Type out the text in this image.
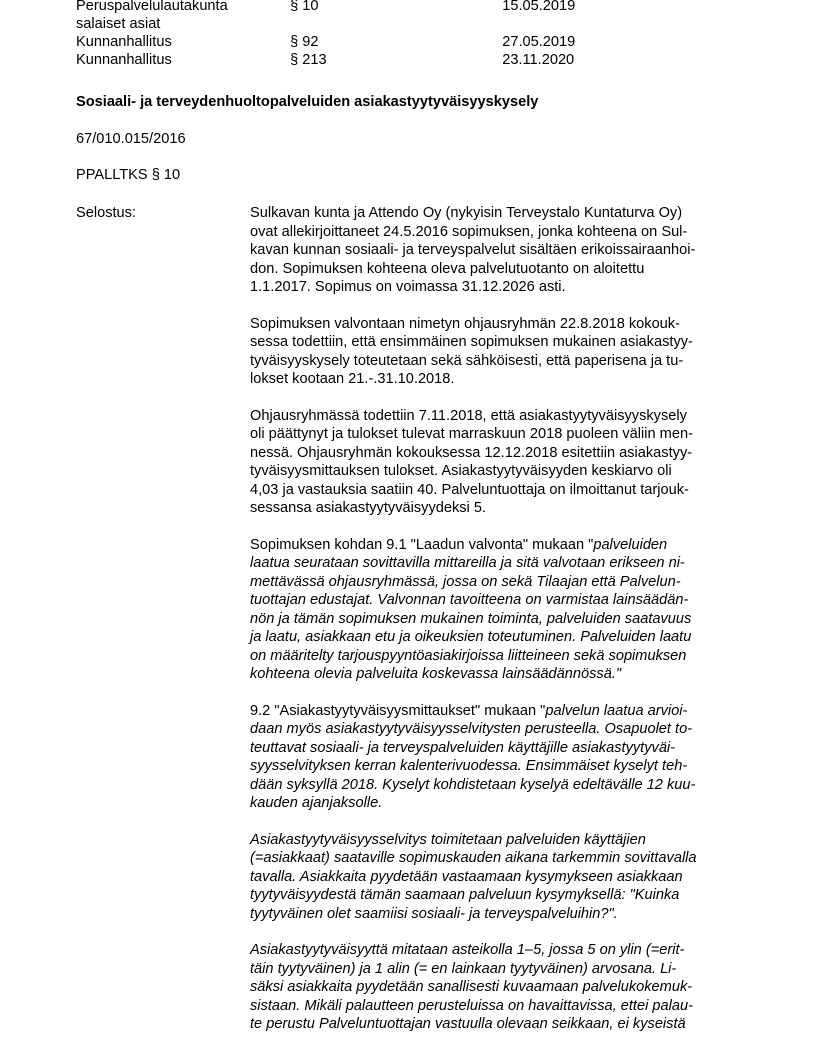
Peruspalvelulautakunta
salaiset asiat
§ 10	15.05.2019
Kunnanhallitus	§ 92	27.05.2019
Kunnanhallitus	§ 213	23.11.2020
Sosiaali- ja terveydenhuoltopalveluiden asiakastyytyväisyyskysely
67/010.015/2016
PPALLTKS § 10
Selostus:	Sulkavan kunta ja Attendo Oy (nykyisin Terveystalo Kuntaturva Oy)
ovat allekirjoittaneet 24.5.2016 sopimuksen, jonka kohteena on Sul-
kavan kunnan sosiaali- ja terveyspalvelut sisältäen erikoissairaanhoi-
don. Sopimuksen kohteena oleva palvelutuotanto on aloitettu
1.1.2017. Sopimus on voimassa 31.12.2026 asti.
Sopimuksen valvontaan nimetyn ohjausryhmän 22.8.2018 kokouk-
sessa todettiin, että ensimmäinen sopimuksen mukainen asiakastyy-
tyväisyyskysely toteutetaan sekä sähköisesti, että paperisena ja tu-
lokset kootaan 21.-.31.10.2018.
Ohjausryhmässä todettiin 7.11.2018, että asiakastyytyväisyyskysely
oli päättynyt ja tulokset tulevat marraskuun 2018 puoleen väliin men-
nessä. Ohjausryhmän kokouksessa 12.12.2018 esitettiin asiakastyy-
tyväisyysmittauksen tulokset. Asiakastyytyväisyyden keskiarvo oli
4,03 ja vastauksia saatiin 40. Palveluntuottaja on ilmoittanut tarjouk-
sessansa asiakastyytyväisyydeksi 5.
Sopimuksen kohdan 9.1 "Laadun valvonta" mukaan "palveluiden
laatua seurataan sovittavilla mittareilla ja sitä valvotaan erikseen ni-
mettävässä ohjausryhmässä, jossa on sekä Tilaajan että Palvelun-
tuottajan edustajat. Valvonnan tavoitteena on varmistaa lainsäädän-
nön ja tämän sopimuksen mukainen toiminta, palveluiden saatavuus
ja laatu, asiakkaan etu ja oikeuksien toteutuminen. Palveluiden laatu
on määritelty tarjouspyyntöasiakirjoissa liitteineen sekä sopimuksen
kohteena olevia palveluita koskevassa lainsäädännössä."
9.2 "Asiakastyytyväisyysmittaukset" mukaan "palvelun laatua arvioi-
daan myös asiakastyytyväisyysselvitysten perusteella. Osapuolet to-
teuttavat sosiaali- ja terveyspalveluiden käyttäjille asiakastyytyväi-
syysselvityksen kerran kalenterivuodessa. Ensimmäiset kyselyt teh-
dään syksyllä 2018. Kyselyt kohdistetaan kyselyä edeltävälle 12 kuu-
kauden ajanjaksolle.
Asiakastyytyväisyysselvitys toimitetaan palveluiden käyttäjien
(=asiakkaat) saataville sopimuskauden aikana tarkemmin sovittavalla
tavalla. Asiakkaita pyydetään vastaamaan kysymykseen asiakkaan
tyytyväisyydestä tämän saamaan palveluun kysymyksellä: "Kuinka
tyytyväinen olet saamiisi sosiaali- ja terveyspalveluihin?".
Asiakastyytyväisyyttä mitataan asteikolla 1–5, jossa 5 on ylin (=erit-
täin tyytyväinen) ja 1 alin (= en lainkaan tyytyväinen) arvosana. Li-
säksi asiakkaita pyydetään sanallisesti kuvaamaan palvelukokemuk-
sistaan. Mikäli palautteen perusteluissa on havaittavissa, ettei palau-
te perustu Palveluntuottajan vastuulla olevaan seikkaan, ei kyseistä
